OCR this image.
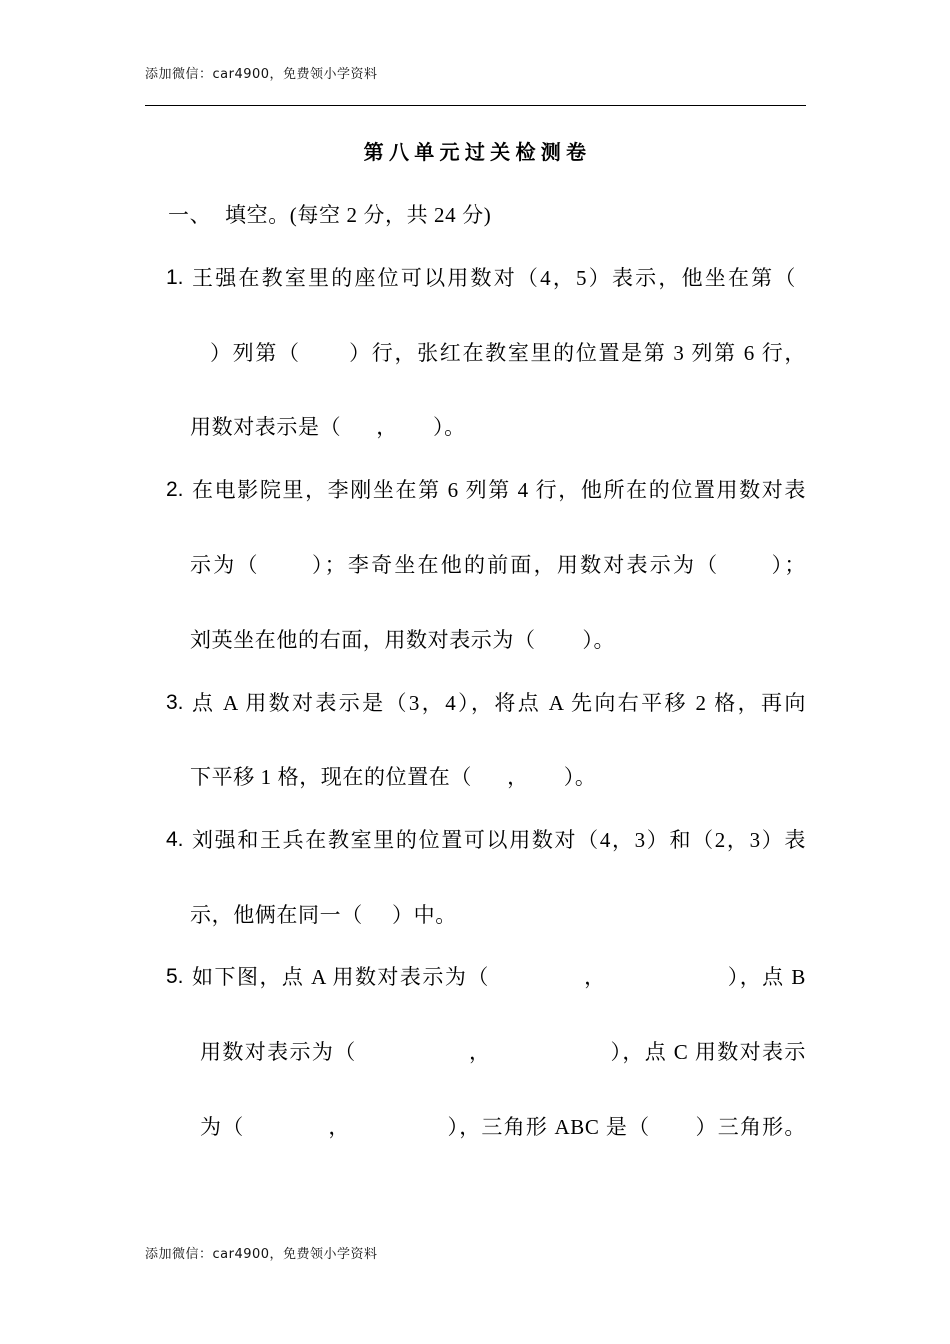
添加微信：car4900，免费领小学资料
第八单元过关检测卷
一、 填空。(每空 2 分，共 24 分)
1. 王强在教室里的座位可以用数对（4，5）表示，他坐在第（
）列第（       ）行，张红在教室里的位置是第 3 列第 6 行，
用数对表示是（      ，      ）。
2. 在电影院里，李刚坐在第 6 列第 4 行，他所在的位置用数对表
示为（       ）；李奇坐在他的前面，用数对表示为（       ）；
刘英坐在他的右面，用数对表示为（        ）。
3. 点 A 用数对表示是（3，4），将点 A 先向右平移 2 格，再向
下平移 1 格，现在的位置在（      ，      ）。
4. 刘强和王兵在教室里的位置可以用数对（4，3）和（2，3）表
示，他俩在同一（     ）中。
5. 如下图，点 A 用数对表示为（              ，                  ），点 B
用数对表示为（                 ，                  ），点 C 用数对表示
为（             ，               ），三角形 ABC 是（       ）三角形。
添加微信：car4900，免费领小学资料
